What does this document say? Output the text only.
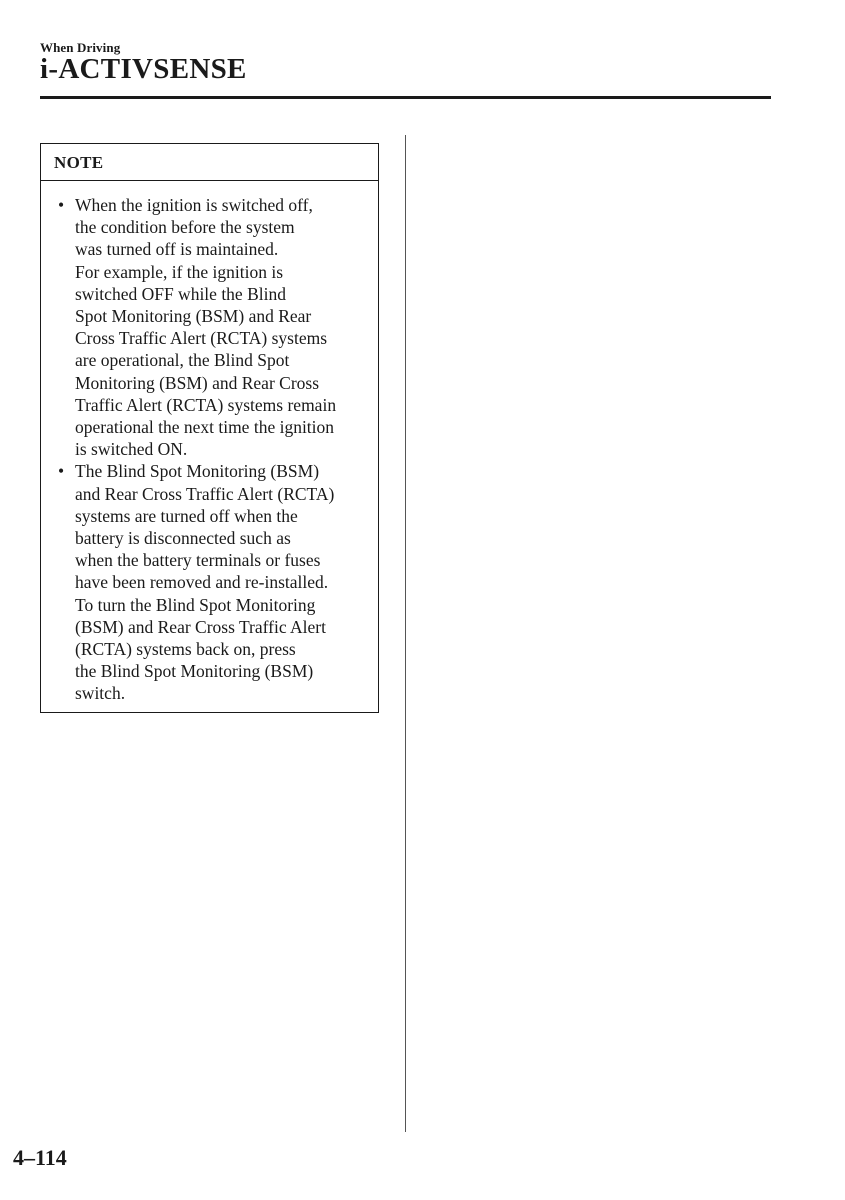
When Driving
i-ACTIVSENSE
NOTE
• When the ignition is switched off,
the condition before the system
was turned off is maintained.
For example, if the ignition is
switched OFF while the Blind
Spot Monitoring (BSM) and Rear
Cross Traffic Alert (RCTA) systems
are operational, the Blind Spot
Monitoring (BSM) and Rear Cross
Traffic Alert (RCTA) systems remain
operational the next time the ignition
is switched ON.
• The Blind Spot Monitoring (BSM)
and Rear Cross Traffic Alert (RCTA)
systems are turned off when the
battery is disconnected such as
when the battery terminals or fuses
have been removed and re-installed.
To turn the Blind Spot Monitoring
(BSM) and Rear Cross Traffic Alert
(RCTA) systems back on, press
the Blind Spot Monitoring (BSM)
switch.
4–114
